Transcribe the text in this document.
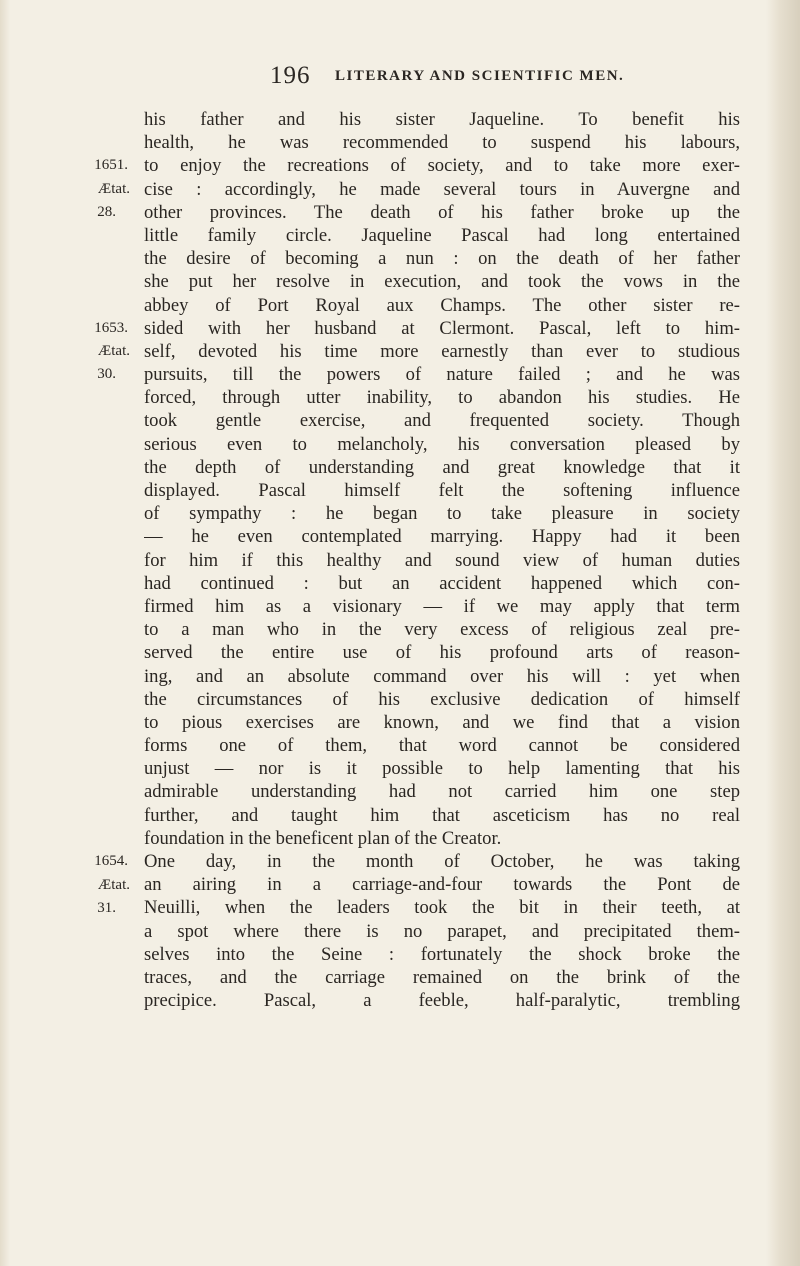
196 LITERARY AND SCIENTIFIC MEN.
1651.
Ætat.
28.
1653.
Ætat.
30.
1654.
Ætat.
31.
his father and his sister Jaqueline. To benefit his
health, he was recommended to suspend his labours,
to enjoy the recreations of society, and to take more exer-
cise : accordingly, he made several tours in Auvergne and
other provinces. The death of his father broke up the
little family circle. Jaqueline Pascal had long entertained
the desire of becoming a nun : on the death of her father
she put her resolve in execution, and took the vows in the
abbey of Port Royal aux Champs. The other sister re-
sided with her husband at Clermont. Pascal, left to him-
self, devoted his time more earnestly than ever to studious
pursuits, till the powers of nature failed ; and he was
forced, through utter inability, to abandon his studies. He
took gentle exercise, and frequented society. Though
serious even to melancholy, his conversation pleased by
the depth of understanding and great knowledge that it
displayed. Pascal himself felt the softening influence
of sympathy : he began to take pleasure in society
— he even contemplated marrying. Happy had it been
for him if this healthy and sound view of human duties
had continued : but an accident happened which con-
firmed him as a visionary — if we may apply that term
to a man who in the very excess of religious zeal pre-
served the entire use of his profound arts of reason-
ing, and an absolute command over his will : yet when
the circumstances of his exclusive dedication of himself
to pious exercises are known, and we find that a vision
forms one of them, that word cannot be considered
unjust — nor is it possible to help lamenting that his
admirable understanding had not carried him one step
further, and taught him that asceticism has no real
foundation in the beneficent plan of the Creator.
One day, in the month of October, he was taking
an airing in a carriage-and-four towards the Pont de
Neuilli, when the leaders took the bit in their teeth, at
a spot where there is no parapet, and precipitated them-
selves into the Seine : fortunately the shock broke the
traces, and the carriage remained on the brink of the
precipice. Pascal, a feeble, half-paralytic, trembling
